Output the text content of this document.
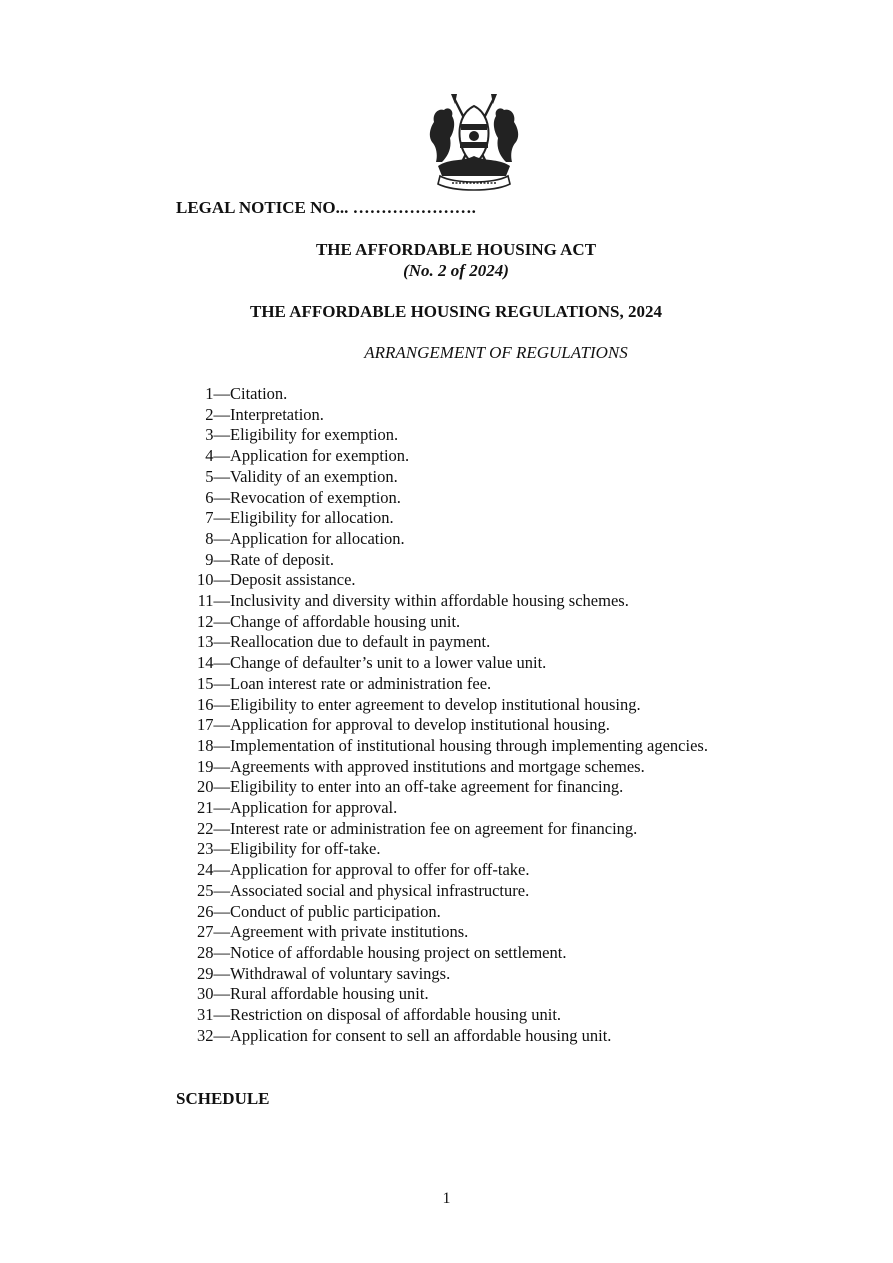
LEGAL NOTICE NO... ………………….
THE AFFORDABLE HOUSING ACT
(No. 2 of 2024)
THE AFFORDABLE HOUSING REGULATIONS, 2024
ARRANGEMENT OF REGULATIONS
1— Citation.
2— Interpretation.
3— Eligibility for exemption.
4— Application for exemption.
5— Validity of an exemption.
6— Revocation of exemption.
7— Eligibility for allocation.
8— Application for allocation.
9— Rate of deposit.
10— Deposit assistance.
11— Inclusivity and diversity within affordable housing schemes.
12— Change of affordable housing unit.
13— Reallocation due to default in payment.
14— Change of defaulter’s unit to a lower value unit.
15— Loan interest rate or administration fee.
16— Eligibility to enter agreement to develop institutional housing.
17— Application for approval to develop institutional housing.
18— Implementation of institutional housing through implementing agencies.
19— Agreements with approved institutions and mortgage schemes.
20— Eligibility to enter into an off-take agreement for financing.
21— Application for approval.
22— Interest rate or administration fee on agreement for financing.
23— Eligibility for off-take.
24— Application for approval to offer for off-take.
25— Associated social and physical infrastructure.
26— Conduct of public participation.
27— Agreement with private institutions.
28— Notice of affordable housing project on settlement.
29— Withdrawal of voluntary savings.
30— Rural affordable housing unit.
31— Restriction on disposal of affordable housing unit.
32— Application for consent to sell an affordable housing unit.
SCHEDULE
1
